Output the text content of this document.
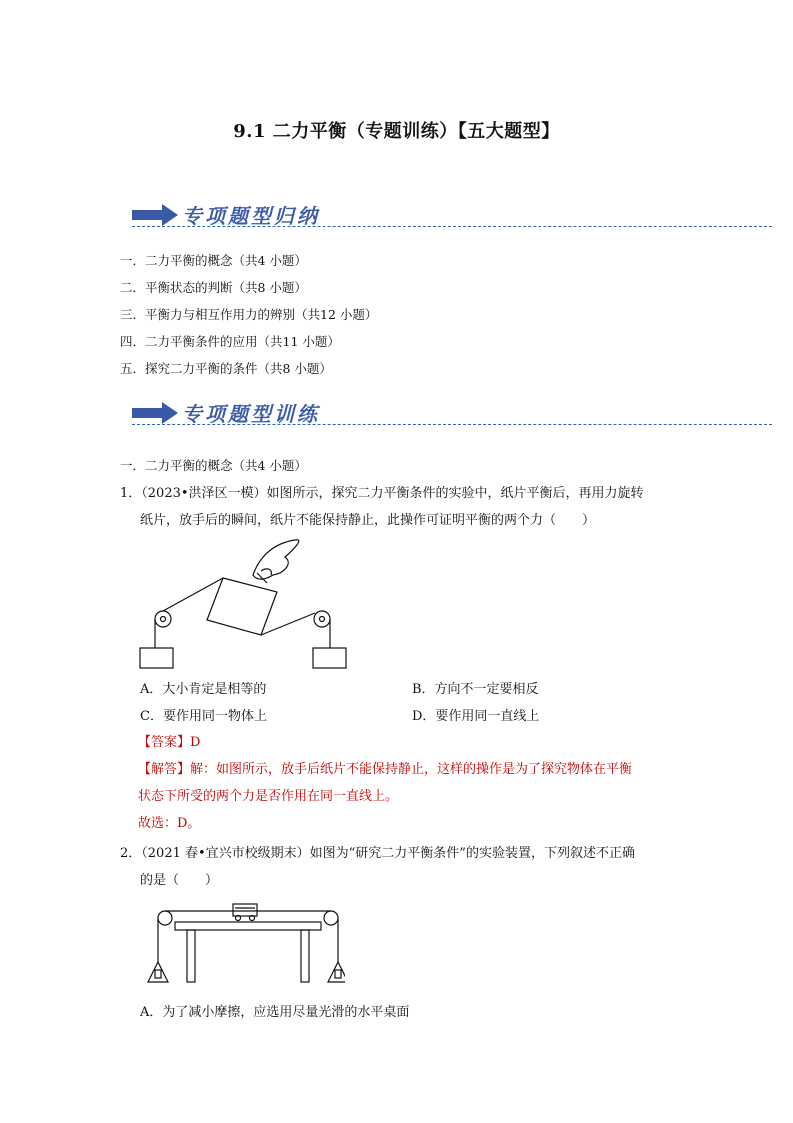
9.1 二力平衡（专题训练）【五大题型】
专项题型归纳
一．二力平衡的概念（共4 小题）
二．平衡状态的判断（共8 小题）
三．平衡力与相互作用力的辨别（共12 小题）
四．二力平衡条件的应用（共11 小题）
五．探究二力平衡的条件（共8 小题）
专项题型训练
一．二力平衡的概念（共4 小题）
1．（2023•洪泽区一模）如图所示，探究二力平衡条件的实验中，纸片平衡后，再用力旋转
纸片，放手后的瞬间，纸片不能保持静止，此操作可证明平衡的两个力（　　）
A．大小肯定是相等的	B．方向不一定要相反
C．要作用同一物体上	D．要作用同一直线上
【答案】D
【解答】解：如图所示，放手后纸片不能保持静止，这样的操作是为了探究物体在平衡
状态下所受的两个力是否作用在同一直线上。
故选：D。
2．（2021 春•宜兴市校级期末）如图为“研究二力平衡条件”的实验装置，下列叙述不正确
的是（　　）
A．为了减小摩擦，应选用尽量光滑的水平桌面
